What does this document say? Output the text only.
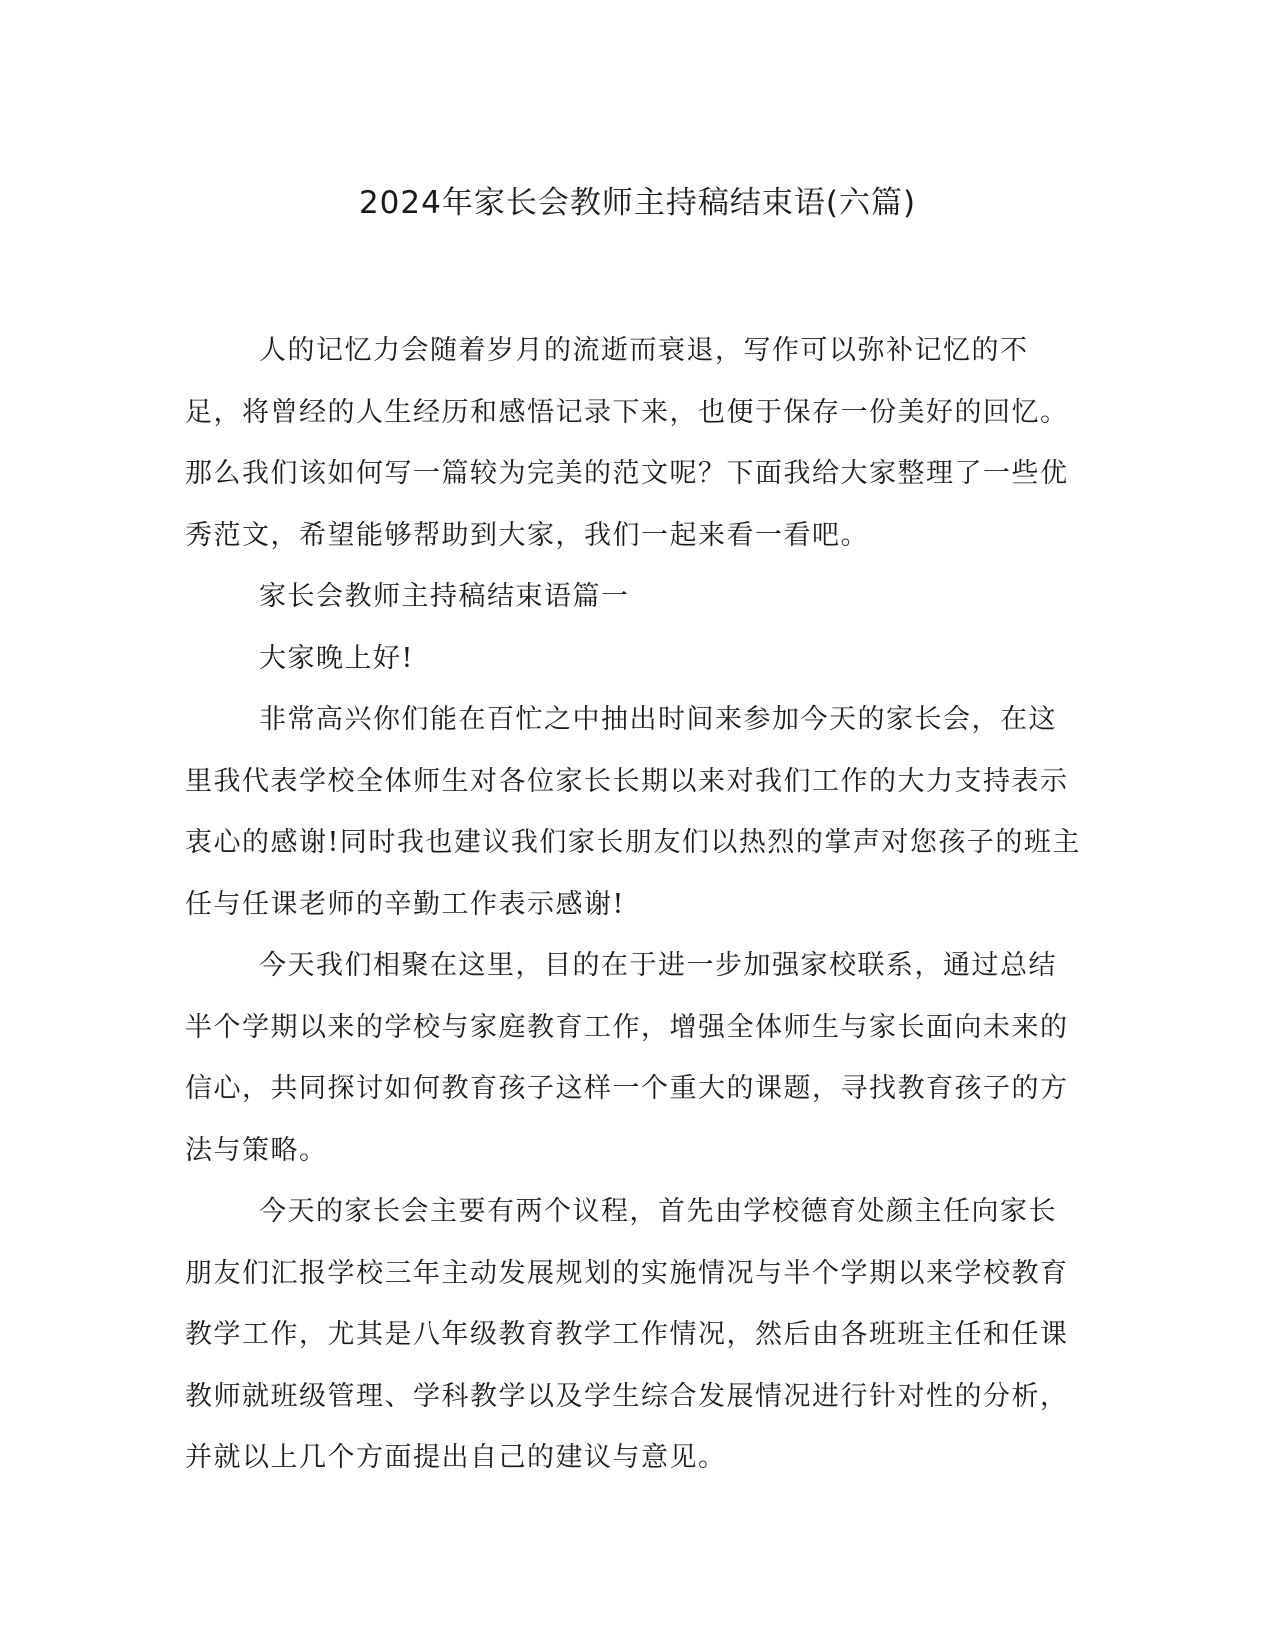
2024年家长会教师主持稿结束语(六篇)

人的记忆力会随着岁月的流逝而衰退，写作可以弥补记忆的不足，将曾经的人生经历和感悟记录下来，也便于保存一份美好的回忆。那么我们该如何写一篇较为完美的范文呢？下面我给大家整理了一些优秀范文，希望能够帮助到大家，我们一起来看一看吧。

家长会教师主持稿结束语篇一

大家晚上好!

非常高兴你们能在百忙之中抽出时间来参加今天的家长会，在这里我代表学校全体师生对各位家长长期以来对我们工作的大力支持表示衷心的感谢!同时我也建议我们家长朋友们以热烈的掌声对您孩子的班主任与任课老师的辛勤工作表示感谢!

今天我们相聚在这里，目的在于进一步加强家校联系，通过总结半个学期以来的学校与家庭教育工作，增强全体师生与家长面向未来的信心，共同探讨如何教育孩子这样一个重大的课题，寻找教育孩子的方法与策略。

今天的家长会主要有两个议程，首先由学校德育处颜主任向家长朋友们汇报学校三年主动发展规划的实施情况与半个学期以来学校教育教学工作，尤其是八年级教育教学工作情况，然后由各班班主任和任课教师就班级管理、学科教学以及学生综合发展情况进行针对性的分析，并就以上几个方面提出自己的建议与意见。
